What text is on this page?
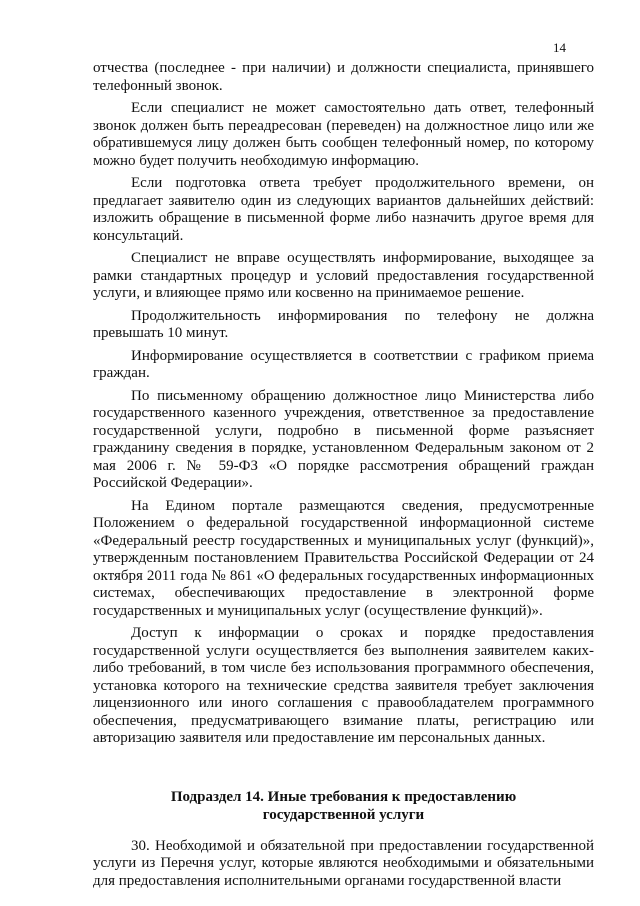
14

отчества (последнее - при наличии) и должности специалиста, принявшего телефонный звонок.

Если специалист не может самостоятельно дать ответ, телефонный звонок должен быть переадресован (переведен) на должностное лицо или же обратившемуся лицу должен быть сообщен телефонный номер, по которому можно будет получить необходимую информацию.

Если подготовка ответа требует продолжительного времени, он предлагает заявителю один из следующих вариантов дальнейших действий: изложить обращение в письменной форме либо назначить другое время для консультаций.

Специалист не вправе осуществлять информирование, выходящее за рамки стандартных процедур и условий предоставления государственной услуги, и влияющее прямо или косвенно на принимаемое решение.

Продолжительность информирования по телефону не должна превышать 10 минут.

Информирование осуществляется в соответствии с графиком приема граждан.

По письменному обращению должностное лицо Министерства либо государственного казенного учреждения, ответственное за предоставление государственной услуги, подробно в письменной форме разъясняет гражданину сведения в порядке, установленном Федеральным законом от 2 мая 2006 г. № 59-ФЗ «О порядке рассмотрения обращений граждан Российской Федерации».

На Едином портале размещаются сведения, предусмотренные Положением о федеральной государственной информационной системе «Федеральный реестр государственных и муниципальных услуг (функций)», утвержденным постановлением Правительства Российской Федерации от 24 октября 2011 года № 861 «О федеральных государственных информационных системах, обеспечивающих предоставление в электронной форме государственных и муниципальных услуг (осуществление функций)».

Доступ к информации о сроках и порядке предоставления государственной услуги осуществляется без выполнения заявителем каких-либо требований, в том числе без использования программного обеспечения, установка которого на технические средства заявителя требует заключения лицензионного или иного соглашения с правообладателем программного обеспечения, предусматривающего взимание платы, регистрацию или авторизацию заявителя или предоставление им персональных данных.

Подраздел 14. Иные требования к предоставлению
государственной услуги

30. Необходимой и обязательной при предоставлении государственной услуги из Перечня услуг, которые являются необходимыми и обязательными для предоставления исполнительными органами государственной власти
